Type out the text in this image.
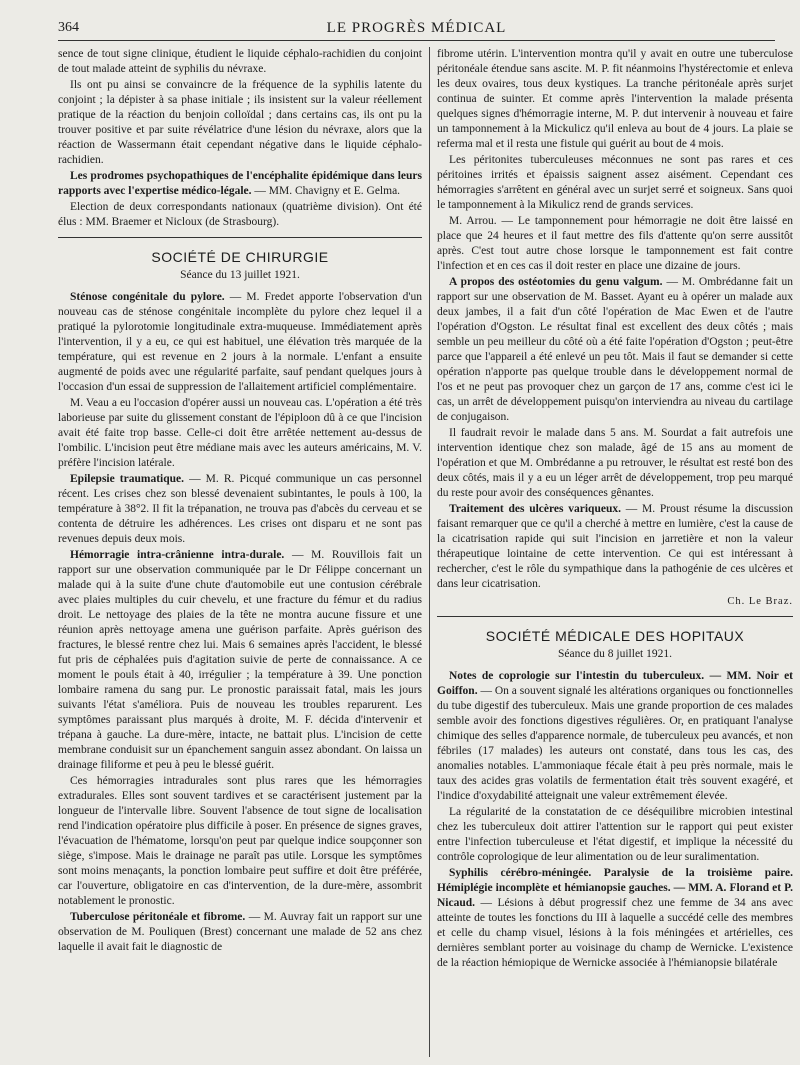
364	LE PROGRÈS MÉDICAL

sence de tout signe clinique, étudient le liquide céphalo-rachidien du conjoint de tout malade atteint de syphilis du névraxe.

Ils ont pu ainsi se convaincre de la fréquence de la syphilis latente du conjoint ; la dépister à sa phase initiale ; ils insistent sur la valeur réellement pratique de la réaction du benjoin colloïdal ; dans certains cas, ils ont pu la trouver positive et par suite révélatrice d'une lésion du névraxe, alors que la réaction de Wassermann était cependant négative dans le liquide céphalo-rachidien.

Les prodromes psychopathiques de l'encéphalite épidémique dans leurs rapports avec l'expertise médico-légale. — MM. Chavigny et E. Gelma.

Election de deux correspondants nationaux (quatrième division). Ont été élus : MM. Braemer et Nicloux (de Strasbourg).

SOCIÉTÉ DE CHIRURGIE
Séance du 13 juillet 1921.

Sténose congénitale du pylore. — M. Fredet apporte l'observation d'un nouveau cas de sténose congénitale incomplète du pylore chez lequel il a pratiqué la pylorotomie longitudinale extra-muqueuse. Immédiatement après l'intervention, il y a eu, ce qui est habituel, une élévation très marquée de la température, qui est revenue en 2 jours à la normale. L'enfant a ensuite augmenté de poids avec une régularité parfaite, sauf pendant quelques jours à l'occasion d'un essai de suppression de l'allaitement artificiel complémentaire.

M. Veau a eu l'occasion d'opérer aussi un nouveau cas. L'opération a été très laborieuse par suite du glissement constant de l'épiploon dû à ce que l'incision avait été faite trop basse. Celle-ci doit être arrêtée nettement au-dessus de l'ombilic. L'incision peut être médiane mais avec les auteurs américains, M. V. préfère l'incision latérale.

Epilepsie traumatique. — M. R. Picqué communique un cas personnel récent. Les crises chez son blessé devenaient subintantes, le pouls à 100, la température à 38°2. Il fit la trépanation, ne trouva pas d'abcès du cerveau et se contenta de détruire les adhérences. Les crises ont disparu et ne sont pas revenues depuis deux mois.

Hémorragie intra-crânienne intra-durale. — M. Rouvillois fait un rapport sur une observation communiquée par le Dr Félippe concernant un malade qui à la suite d'une chute d'automobile eut une contusion cérébrale avec plaies multiples du cuir chevelu, et une fracture du fémur et du radius droit. Le nettoyage des plaies de la tête ne montra aucune fissure et une réunion après nettoyage amena une guérison parfaite. Après guérison des fractures, le blessé rentre chez lui. Mais 6 semaines après l'accident, le blessé fut pris de céphalées puis d'agitation suivie de perte de connaissance. A ce moment le pouls était à 40, irrégulier ; la température à 39. Une ponction lombaire ramena du sang pur. Le pronostic paraissait fatal, mais les jours suivants l'état s'améliora. Puis de nouveau les troubles reparurent. Les symptômes paraissant plus marqués à droite, M. F. décida d'intervenir et trépana à gauche. La dure-mère, intacte, ne battait plus. L'incision de cette membrane conduisit sur un épanchement sanguin assez abondant. On laissa un drainage filiforme et peu à peu le blessé guérit.

Ces hémorragies intradurales sont plus rares que les hémorragies extradurales. Elles sont souvent tardives et se caractérisent justement par la longueur de l'intervalle libre. Souvent l'absence de tout signe de localisation rend l'indication opératoire plus difficile à poser. En présence de signes graves, l'évacuation de l'hématome, lorsqu'on peut par quelque indice soupçonner son siège, s'impose. Mais le drainage ne paraît pas utile. Lorsque les symptômes sont moins menaçants, la ponction lombaire peut suffire et doit être préférée, car l'ouverture, obligatoire en cas d'intervention, de la dure-mère, assombrit notablement le pronostic.

Tuberculose péritonéale et fibrome. — M. Auvray fait un rapport sur une observation de M. Pouliquen (Brest) concernant une malade de 52 ans chez laquelle il avait fait le diagnostic de

fibrome utérin. L'intervention montra qu'il y avait en outre une tuberculose péritonéale étendue sans ascite. M. P. fit néanmoins l'hystérectomie et enleva les deux ovaires, tous deux kystiques. La tranche péritonéale après surjet continua de suinter. Et comme après l'intervention la malade présenta quelques signes d'hémorragie interne, M. P. dut intervenir à nouveau et faire un tamponnement à la Mickulicz qu'il enleva au bout de 4 jours. La plaie se referma mal et il resta une fistule qui guérit au bout de 4 mois.

Les péritonites tuberculeuses méconnues ne sont pas rares et ces péritoines irrités et épaissis saignent assez aisément. Cependant ces hémorragies s'arrêtent en général avec un surjet serré et soigneux. Sans quoi le tamponnement à la Mikulicz rend de grands services.

M. Arrou. — Le tamponnement pour hémorragie ne doit être laissé en place que 24 heures et il faut mettre des fils d'attente qu'on serre aussitôt après. C'est tout autre chose lorsque le tamponnement est fait contre l'infection et en ces cas il doit rester en place une dizaine de jours.

A propos des ostéotomies du genu valgum. — M. Ombrédanne fait un rapport sur une observation de M. Basset. Ayant eu à opérer un malade aux deux jambes, il a fait d'un côté l'opération de Mac Ewen et de l'autre l'opération d'Ogston. Le résultat final est excellent des deux côtés ; mais semble un peu meilleur du côté où a été faite l'opération d'Ogston ; peut-être parce que l'appareil a été enlevé un peu tôt. Mais il faut se demander si cette opération n'apporte pas quelque trouble dans le développement normal de l'os et ne peut pas provoquer chez un garçon de 17 ans, comme c'est ici le cas, un arrêt de développement puisqu'on interviendra au niveau du cartilage de conjugaison.

Il faudrait revoir le malade dans 5 ans. M. Sourdat a fait autrefois une intervention identique chez son malade, âgé de 15 ans au moment de l'opération et que M. Ombrédanne a pu retrouver, le résultat est resté bon des deux côtés, mais il y a eu un léger arrêt de développement, trop peu marqué du reste pour avoir des conséquences gênantes.

Traitement des ulcères variqueux. — M. Proust résume la discussion faisant remarquer que ce qu'il a cherché à mettre en lumière, c'est la cause de la cicatrisation rapide qui suit l'incision en jarretière et non la valeur thérapeutique lointaine de cette intervention. Ce qui est intéressant à rechercher, c'est le rôle du sympathique dans la pathogénie de ces ulcères et dans leur cicatrisation.

Ch. Le Braz.
SOCIÉTÉ MÉDICALE DES HOPITAUX
Séance du 8 juillet 1921.

Notes de coprologie sur l'intestin du tuberculeux. — MM. Noir et Goiffon. — On a souvent signalé les altérations organiques ou fonctionnelles du tube digestif des tuberculeux. Mais une grande proportion de ces malades semble avoir des fonctions digestives régulières. Or, en pratiquant l'analyse chimique des selles d'apparence normale, de tuberculeux peu avancés, et non fébriles (17 malades) les auteurs ont constaté, dans tous les cas, des anomalies notables. L'ammoniaque fécale était à peu près normale, mais le taux des acides gras volatils de fermentation était très souvent exagéré, et l'indice d'oxydabilité atteignait une valeur extrêmement élevée.

La régularité de la constatation de ce déséquilibre microbien intestinal chez les tuberculeux doit attirer l'attention sur le rapport qui peut exister entre l'infection tuberculeuse et l'état digestif, et implique la nécessité du contrôle coprologique de leur alimentation ou de leur suralimentation.

Syphilis cérébro-méningée. Paralysie de la troisième paire. Hémiplégie incomplète et hémianopsie gauches. — MM. A. Florand et P. Nicaud. — Lésions à début progressif chez une femme de 34 ans avec atteinte de toutes les fonctions du III à laquelle a succédé celle des membres et celle du champ visuel, lésions à la fois méningées et artérielles, ces dernières semblant porter au voisinage du champ de Wernicke. L'existence de la réaction hémiopique de Wernicke associée à l'hémianopsie bilatérale
